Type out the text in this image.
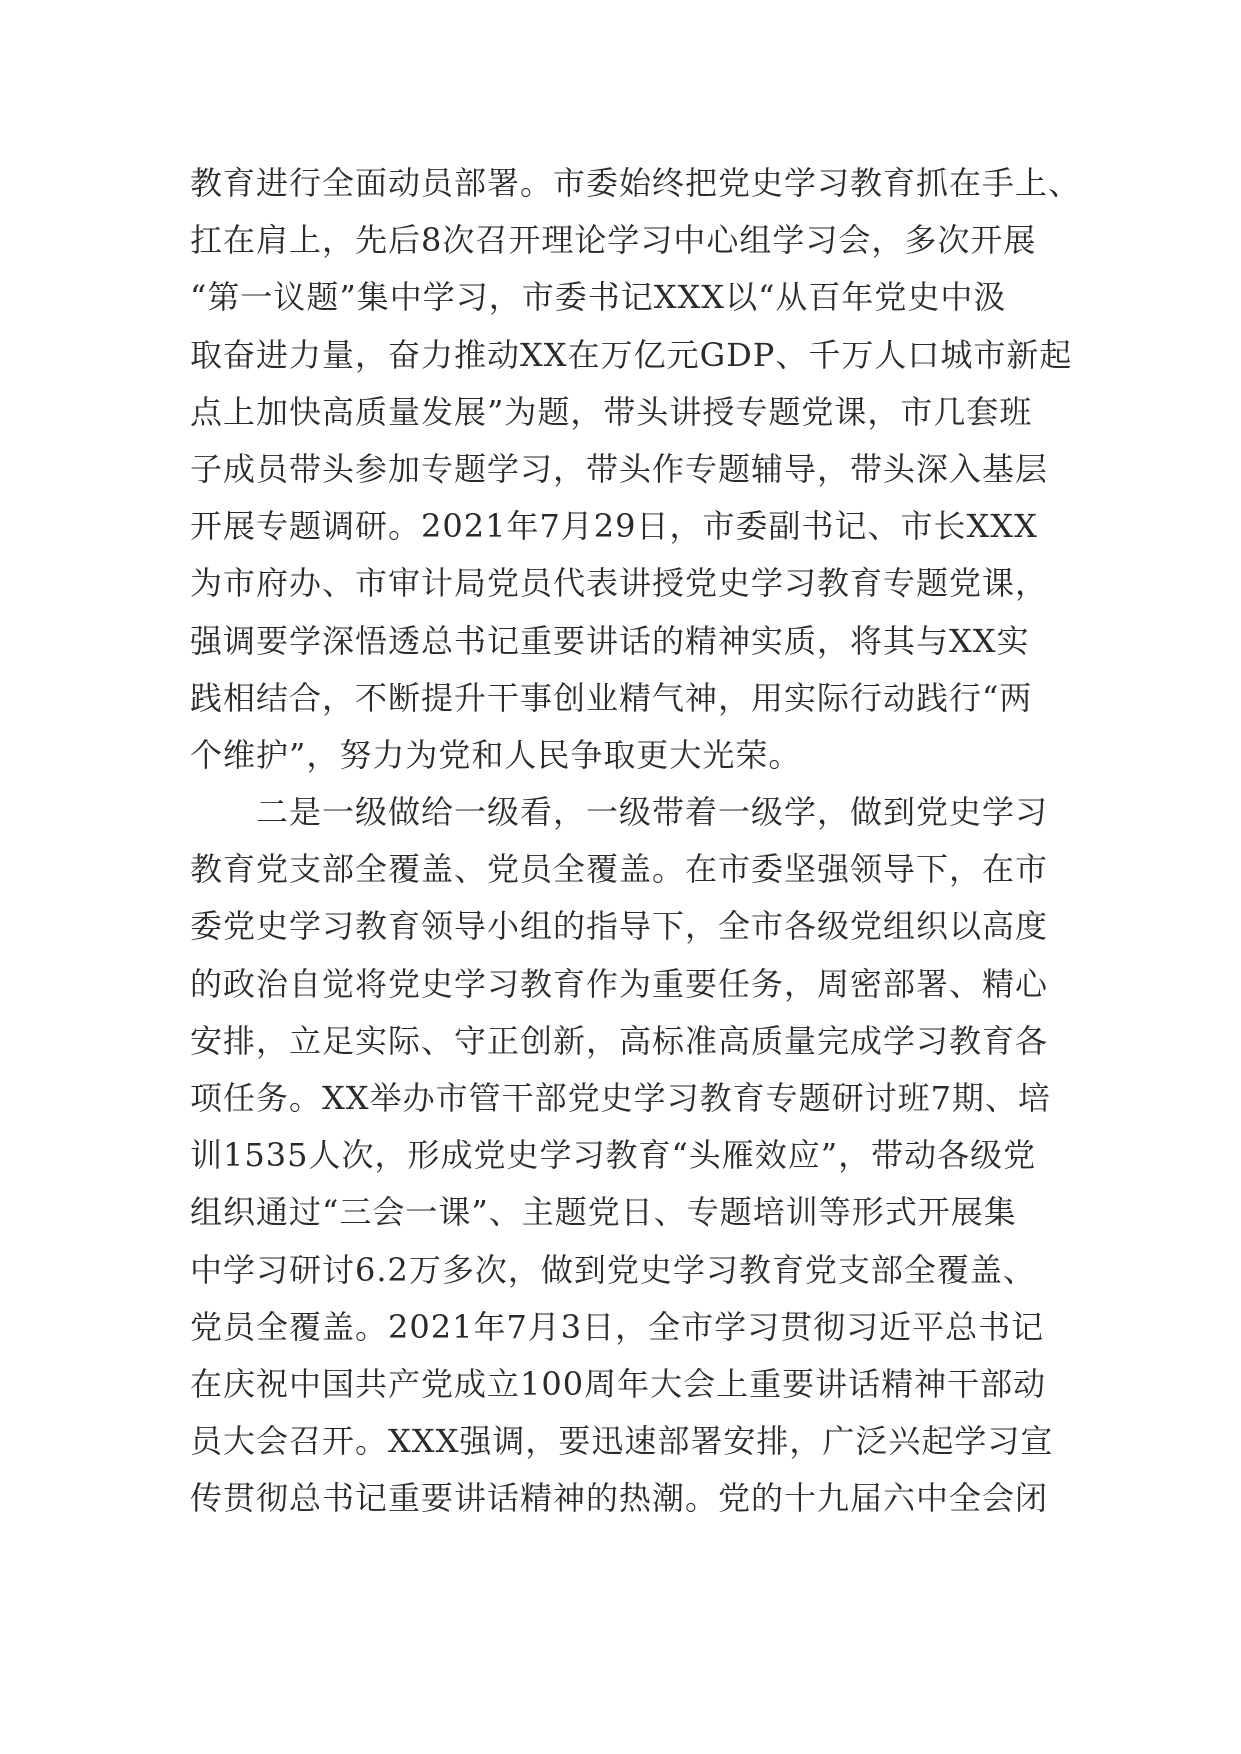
教育进行全面动员部署。市委始终把党史学习教育抓在手上、
扛在肩上，先后8次召开理论学习中心组学习会，多次开展
“第一议题”集中学习，市委书记XXX以“从百年党史中汲
取奋进力量，奋力推动XX在万亿元GDP、千万人口城市新起
点上加快高质量发展”为题，带头讲授专题党课，市几套班
子成员带头参加专题学习，带头作专题辅导，带头深入基层
开展专题调研。2021年7月29日，市委副书记、市长XXX
为市府办、市审计局党员代表讲授党史学习教育专题党课，
强调要学深悟透总书记重要讲话的精神实质，将其与XX实
践相结合，不断提升干事创业精气神，用实际行动践行“两
个维护”，努力为党和人民争取更大光荣。
　　二是一级做给一级看，一级带着一级学，做到党史学习
教育党支部全覆盖、党员全覆盖。在市委坚强领导下，在市
委党史学习教育领导小组的指导下，全市各级党组织以高度
的政治自觉将党史学习教育作为重要任务，周密部署、精心
安排，立足实际、守正创新，高标准高质量完成学习教育各
项任务。XX举办市管干部党史学习教育专题研讨班7期、培
训1535人次，形成党史学习教育“头雁效应”，带动各级党
组织通过“三会一课”、主题党日、专题培训等形式开展集
中学习研讨6.2万多次，做到党史学习教育党支部全覆盖、
党员全覆盖。2021年7月3日，全市学习贯彻习近平总书记
在庆祝中国共产党成立100周年大会上重要讲话精神干部动
员大会召开。XXX强调，要迅速部署安排，广泛兴起学习宣
传贯彻总书记重要讲话精神的热潮。党的十九届六中全会闭
